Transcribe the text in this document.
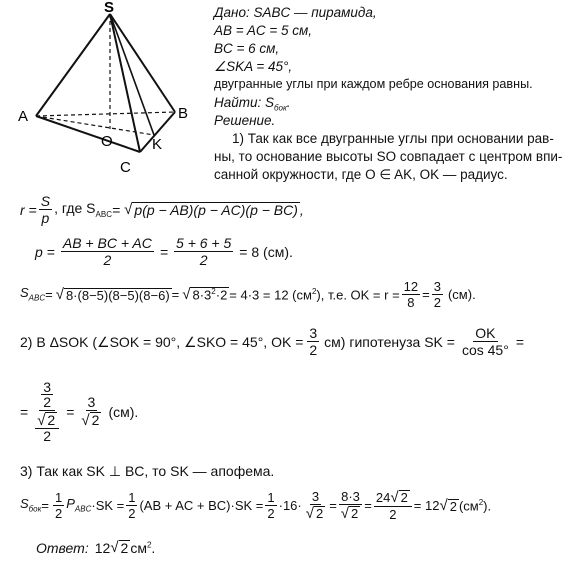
S
A	B
O	K
C
Дано: SABC — пирамида,
AB = AC = 5 см,
BC = 6 см,
∠SKA = 45°,
двугранные углы при каждом ребре основания равны.
Найти: $S_{бок}$.
Решение.
1) Так как все двугранные углы при основании рав-
ны, то основание высоты SO совпадает с центром впи-
санной окружности, где O ∈ AK, OK — радиус.
$r = \frac{S}{p}$ , где $S_{ABC}$ = √ p(p − AB)(p − AC)(p − BC) ,
$p = \frac{AB + BC + AC}{2} = \frac{5 + 6 + 5}{2} = 8$ (см).
$S_{ABC}$ = √ 8·(8−5)(8−5)(8−6) = √ $8\cdot 3^2\cdot 2 = 4\cdot 3 = 12$ $(см^2)$, т.е. OK = $r = \frac{12}{8} = \frac{3}{2} (см)$.
2) В ΔSOK (∠SOK = 90°, ∠SKO = 45°, OK = $\frac{3}{2} см$) гипотенуза SK = $\frac{OK}{\cos 45^\circ}$ =
= 3
2
√ 2
$2 = \frac{3}{√ 2} (см)$.
3) Так как SK ⊥ BC, то SK — апофема.
$S_{бок} = \frac{1}{2} P_{ABC} \cdot SK = \frac{1}{2} (AB$ + AC + $BC)\cdot SK = \frac{1}{2} \cdot 16\cdot \frac{3}{√ 2} = \frac{8\cdot 3}{√ 2} = \frac{24√ 2}{2} = 12$ √ 2 $(см^2)$.
Ответ: 12 √ 2 $см^2$.
